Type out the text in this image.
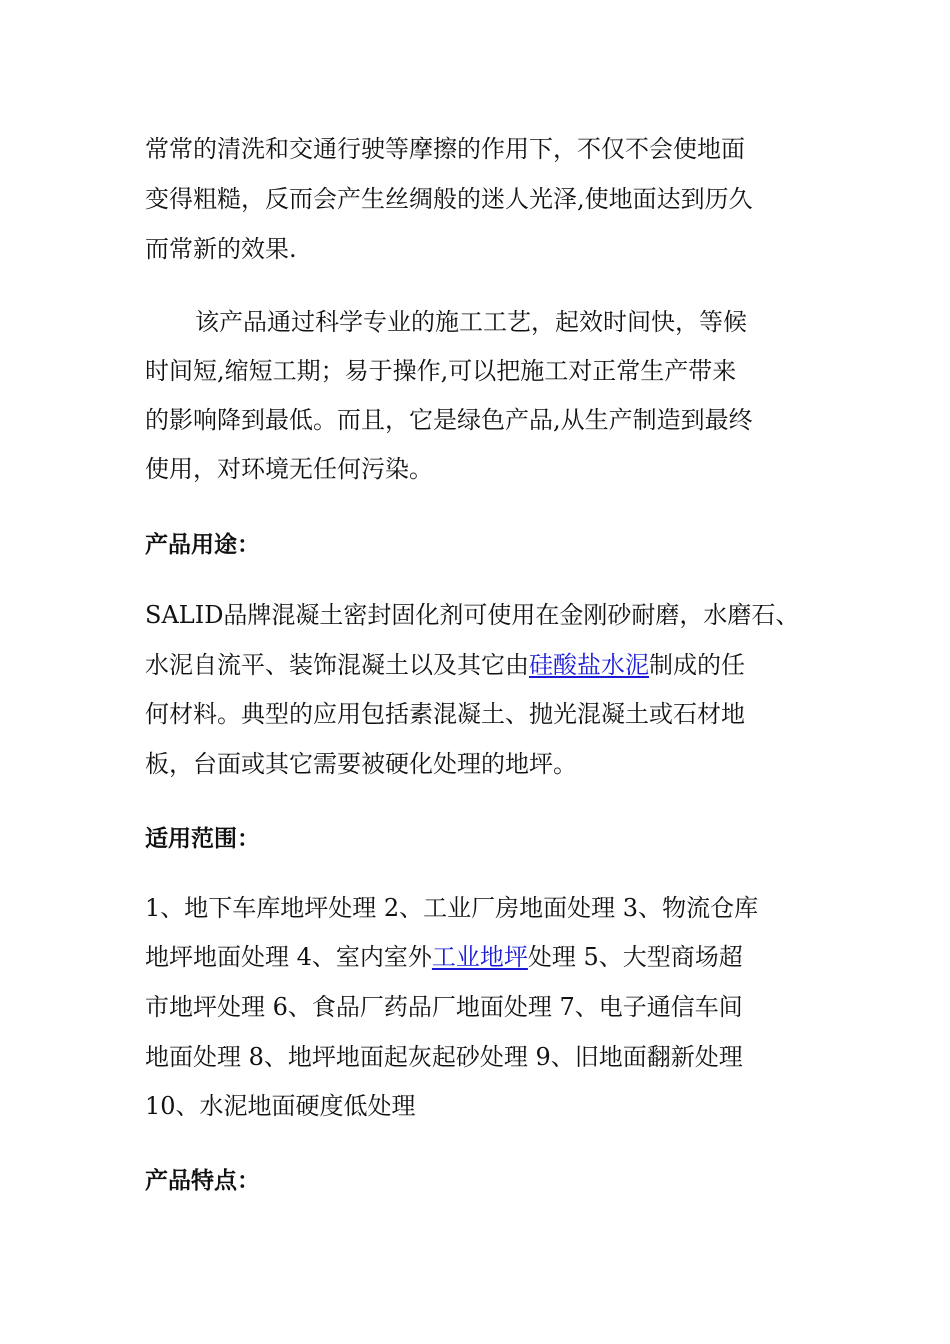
常常的清洗和交通行驶等摩擦的作用下，不仅不会使地面
变得粗糙，反而会产生丝绸般的迷人光泽,使地面达到历久
而常新的效果.
该产品通过科学专业的施工工艺，起效时间快，等候
时间短,缩短工期；易于操作,可以把施工对正常生产带来
的影响降到最低。而且，它是绿色产品,从生产制造到最终
使用，对环境无任何污染。
产品用途：
SALID品牌混凝土密封固化剂可使用在金刚砂耐磨，水磨石、
水泥自流平、装饰混凝土以及其它由硅酸盐水泥制成的任
何材料。典型的应用包括素混凝土、抛光混凝土或石材地
板，台面或其它需要被硬化处理的地坪。
适用范围：
1、地下车库地坪处理 2、工业厂房地面处理 3、物流仓库
地坪地面处理 4、室内室外工业地坪处理 5、大型商场超
市地坪处理 6、食品厂药品厂地面处理 7、电子通信车间
地面处理 8、地坪地面起灰起砂处理 9、旧地面翻新处理
10、水泥地面硬度低处理
产品特点：
